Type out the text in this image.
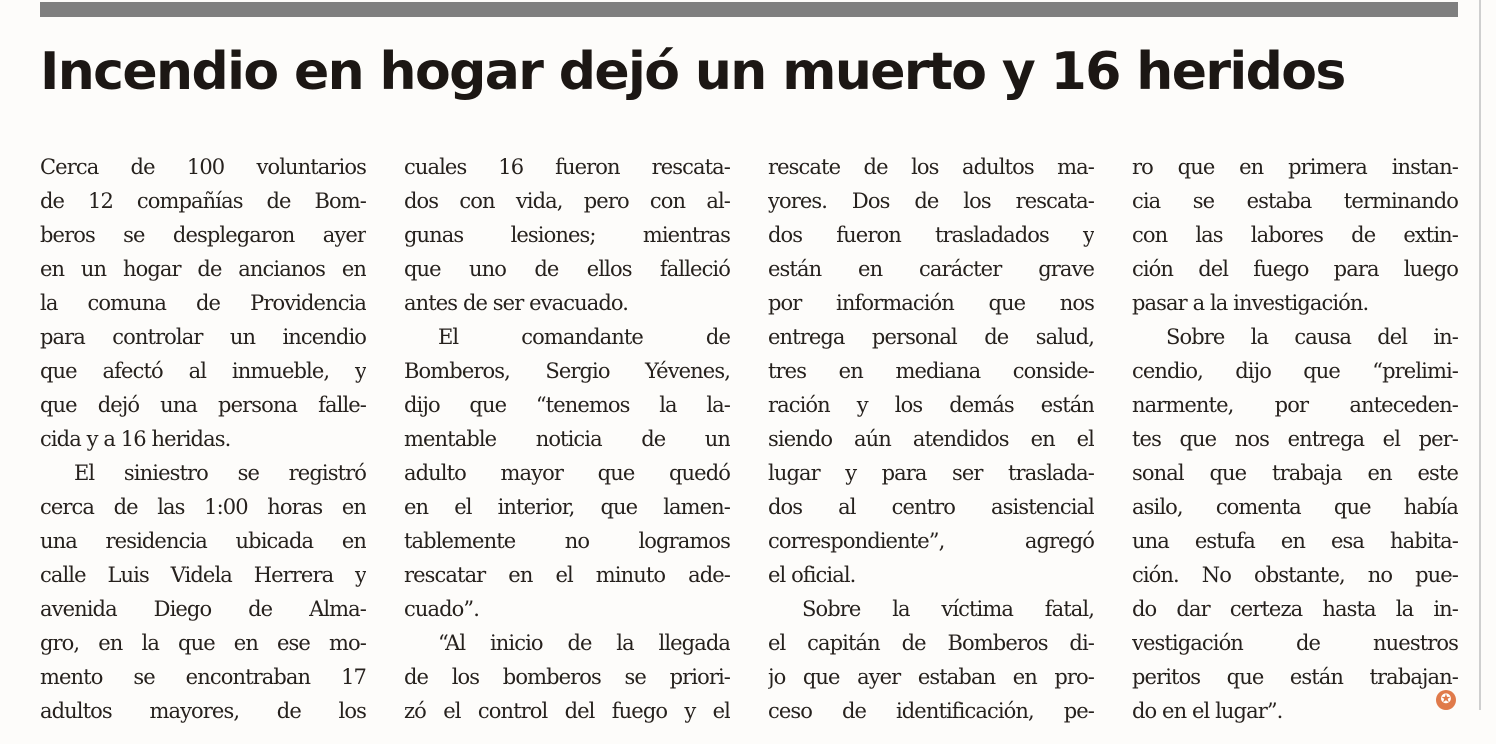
Incendio en hogar dejó un muerto y 16 heridos
Cerca de 100 voluntarios
de 12 compañías de Bom-
beros se desplegaron ayer
en un hogar de ancianos en
la comuna de Providencia
para controlar un incendio
que afectó al inmueble, y
que dejó una persona falle-
cida y a 16 heridas.
El siniestro se registró
cerca de las 1:00 horas en
una residencia ubicada en
calle Luis Videla Herrera y
avenida Diego de Alma-
gro, en la que en ese mo-
mento se encontraban 17
adultos mayores, de los
cuales 16 fueron rescata-
dos con vida, pero con al-
gunas lesiones; mientras
que uno de ellos falleció
antes de ser evacuado.
El comandante de
Bomberos, Sergio Yévenes,
dijo que “tenemos la la-
mentable noticia de un
adulto mayor que quedó
en el interior, que lamen-
tablemente no logramos
rescatar en el minuto ade-
cuado”.
“Al inicio de la llegada
de los bomberos se priori-
zó el control del fuego y el
rescate de los adultos ma-
yores. Dos de los rescata-
dos fueron trasladados y
están en carácter grave
por información que nos
entrega personal de salud,
tres en mediana conside-
ración y los demás están
siendo aún atendidos en el
lugar y para ser traslada-
dos al centro asistencial
correspondiente”, agregó
el oficial.
Sobre la víctima fatal,
el capitán de Bomberos di-
jo que ayer estaban en pro-
ceso de identificación, pe-
ro que en primera instan-
cia se estaba terminando
con las labores de extin-
ción del fuego para luego
pasar a la investigación.
Sobre la causa del in-
cendio, dijo que “prelimi-
narmente, por anteceden-
tes que nos entrega el per-
sonal que trabaja en este
asilo, comenta que había
una estufa en esa habita-
ción. No obstante, no pue-
do dar certeza hasta la in-
vestigación de nuestros
peritos que están trabajan-
do en el lugar”.	✪
